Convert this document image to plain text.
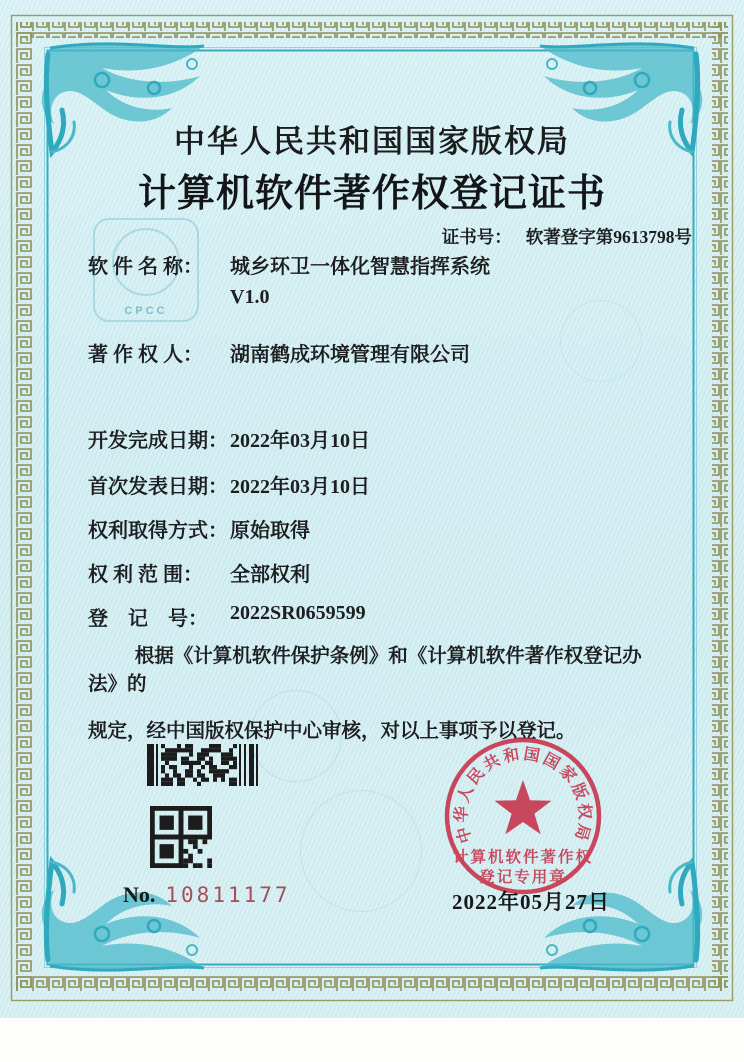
CPCC
中华人民共和国国家版权局
计算机软件著作权登记证书
证书号： 软著登字第9613798号
软 件 名 称：	城乡环卫一体化智慧指挥系统
V1.0
著 作 权 人：	湖南鹤成环境管理有限公司
开发完成日期： 2022年03月10日
首次发表日期： 2022年03月10日
权利取得方式： 原始取得
权 利 范 围：	全部权利
登　记　号：	2022SR0659599
根据《计算机软件保护条例》和《计算机软件著作权登记办法》的
规定，经中国版权保护中心审核，对以上事项予以登记。
No. 10811177
中华人民共和国国家版权局
计算机软件著作权
登记专用章
2022年05月27日
